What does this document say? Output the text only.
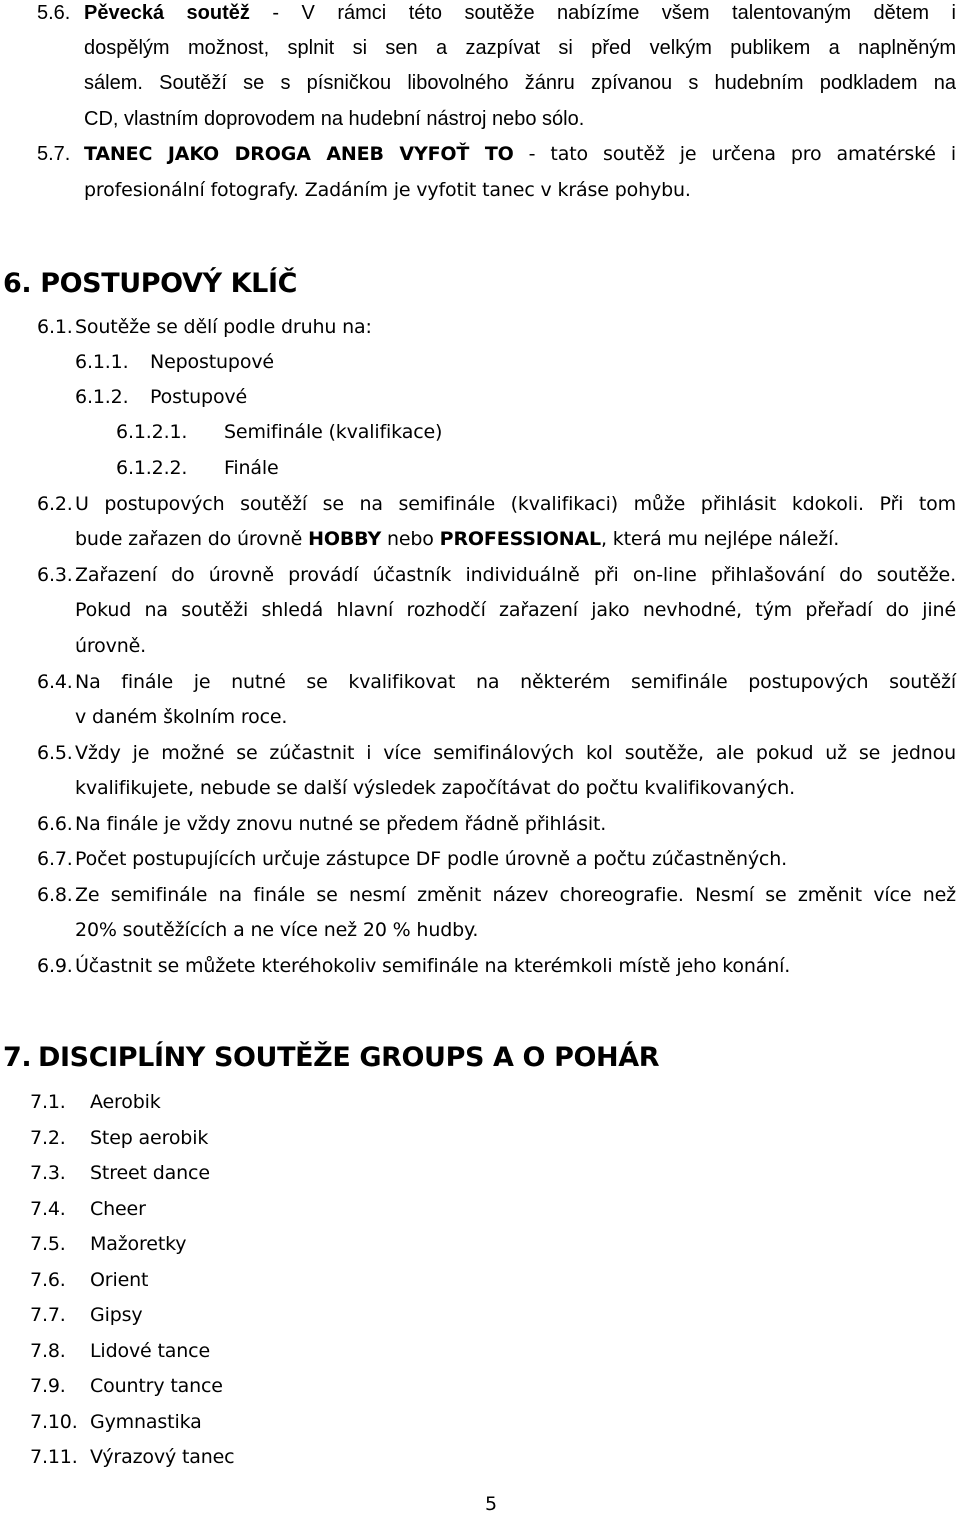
5.6. Pěvecká soutěž - V rámci této soutěže nabízíme všem talentovaným dětem i
dospělým možnost, splnit si sen a zazpívat si před velkým publikem a naplněným
sálem. Soutěží se s písničkou libovolného žánru zpívanou s hudebním podkladem na
CD, vlastním doprovodem na hudební nástroj nebo sólo.
5.7. TANEC JAKO DROGA ANEB VYFOŤ TO - tato soutěž je určena pro amatérské i
profesionální fotografy. Zadáním je vyfotit tanec v kráse pohybu.
6. POSTUPOVÝ KLÍČ
6.1. Soutěže se dělí podle druhu na:
6.1.1. Nepostupové
6.1.2. Postupové
6.1.2.1. Semifinále (kvalifikace)
6.1.2.2. Finále
6.2. U postupových soutěží se na semifinále (kvalifikaci) může přihlásit kdokoli. Při tom
bude zařazen do úrovně HOBBY nebo PROFESSIONAL, která mu nejlépe náleží.
6.3. Zařazení do úrovně provádí účastník individuálně při on-line přihlašování do soutěže.
Pokud na soutěži shledá hlavní rozhodčí zařazení jako nevhodné, tým přeřadí do jiné
úrovně.
6.4. Na finále je nutné se kvalifikovat na některém semifinále postupových soutěží
v daném školním roce.
6.5. Vždy je možné se zúčastnit i více semifinálových kol soutěže, ale pokud už se jednou
kvalifikujete, nebude se další výsledek započítávat do počtu kvalifikovaných.
6.6. Na finále je vždy znovu nutné se předem řádně přihlásit.
6.7. Počet postupujících určuje zástupce DF podle úrovně a počtu zúčastněných.
6.8. Ze semifinále na finále se nesmí změnit název choreografie. Nesmí se změnit více než
20% soutěžících a ne více než 20 % hudby.
6.9. Účastnit se můžete kteréhokoliv semifinále na kterémkoli místě jeho konání.
7. DISCIPLÍNY SOUTĚŽE GROUPS A O POHÁR
7.1. Aerobik
7.2. Step aerobik
7.3. Street dance
7.4. Cheer
7.5. Mažoretky
7.6. Orient
7.7. Gipsy
7.8. Lidové tance
7.9. Country tance
7.10. Gymnastika
7.11. Výrazový tanec
5
